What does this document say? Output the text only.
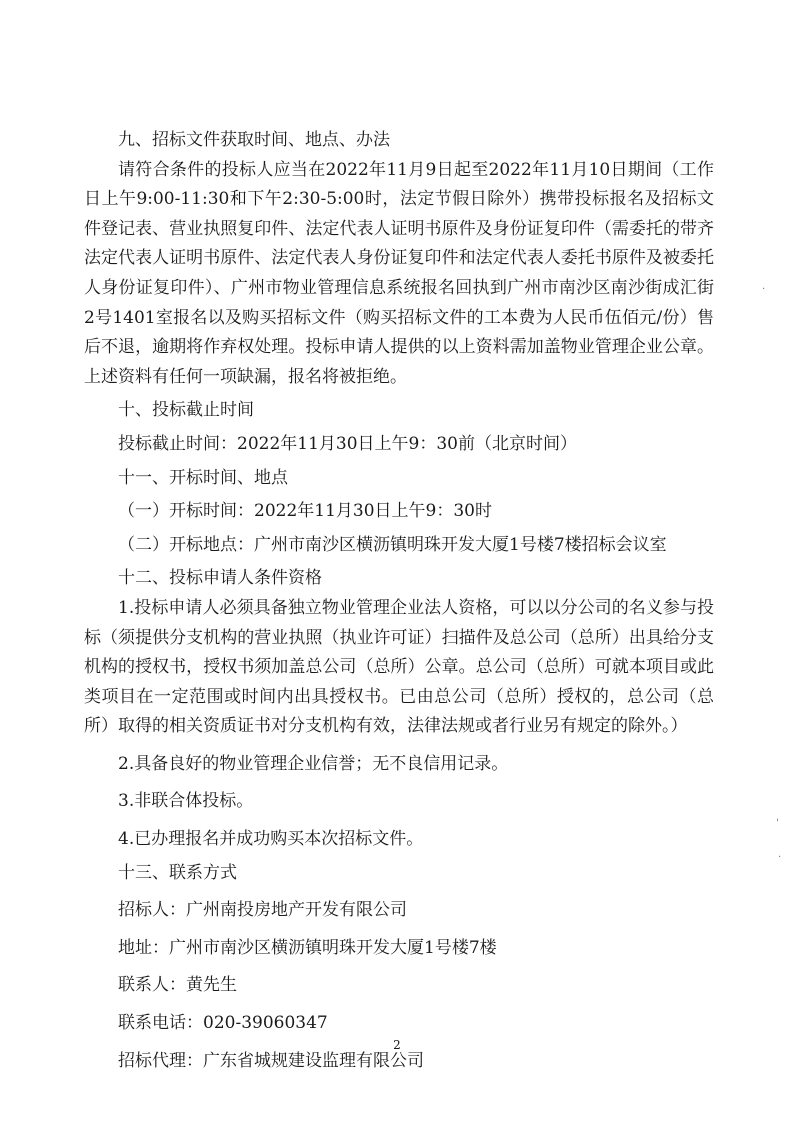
九、招标文件获取时间、地点、办法

请符合条件的投标人应当在2022年11月9日起至2022年11月10日期间（工作日上午9:00-11:30和下午2:30-5:00时，法定节假日除外）携带投标报名及招标文件登记表、营业执照复印件、法定代表人证明书原件及身份证复印件（需委托的带齐法定代表人证明书原件、法定代表人身份证复印件和法定代表人委托书原件及被委托人身份证复印件）、广州市物业管理信息系统报名回执到广州市南沙区南沙街成汇街2号1401室报名以及购买招标文件（购买招标文件的工本费为人民币伍佰元/份）售后不退，逾期将作弃权处理。投标申请人提供的以上资料需加盖物业管理企业公章。上述资料有任何一项缺漏，报名将被拒绝。

十、投标截止时间

投标截止时间：2022年11月30日上午9：30前（北京时间）

十一、开标时间、地点

（一）开标时间：2022年11月30日上午9：30时

（二）开标地点：广州市南沙区横沥镇明珠开发大厦1号楼7楼招标会议室

十二、投标申请人条件资格

1.投标申请人必须具备独立物业管理企业法人资格，可以以分公司的名义参与投标（须提供分支机构的营业执照（执业许可证）扫描件及总公司（总所）出具给分支机构的授权书，授权书须加盖总公司（总所）公章。总公司（总所）可就本项目或此类项目在一定范围或时间内出具授权书。已由总公司（总所）授权的，总公司（总所）取得的相关资质证书对分支机构有效，法律法规或者行业另有规定的除外。）

2.具备良好的物业管理企业信誉；无不良信用记录。

3.非联合体投标。

4.已办理报名并成功购买本次招标文件。

十三、联系方式

招标人：广州南投房地产开发有限公司

地址：广州市南沙区横沥镇明珠开发大厦1号楼7楼

联系人：黄先生

联系电话：020-39060347

招标代理：广东省城规建设监理有限公司

2
·
'
·
